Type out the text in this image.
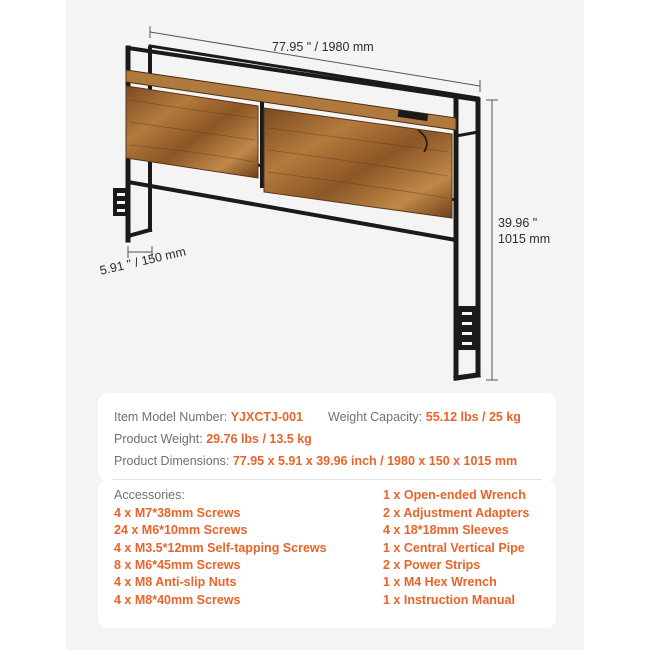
77.95 " / 1980 mm
39.96 "
1015 mm
5.91 " / 150 mm
Item Model Number: YJXCTJ-001 Weight Capacity: 55.12 lbs / 25 kg
Product Weight: 29.76 lbs / 13.5 kg
Product Dimensions: 77.95 x 5.91 x 39.96 inch / 1980 x 150 x 1015 mm
Accessories:
4 x M7*38mm Screws
24 x M6*10mm Screws
4 x M3.5*12mm Self-tapping Screws
8 x M6*45mm Screws
4 x M8 Anti-slip Nuts
4 x M8*40mm Screws
1 x Open-ended Wrench
2 x Adjustment Adapters
4 x 18*18mm Sleeves
1 x Central Vertical Pipe
2 x Power Strips
1 x M4 Hex Wrench
1 x Instruction Manual
